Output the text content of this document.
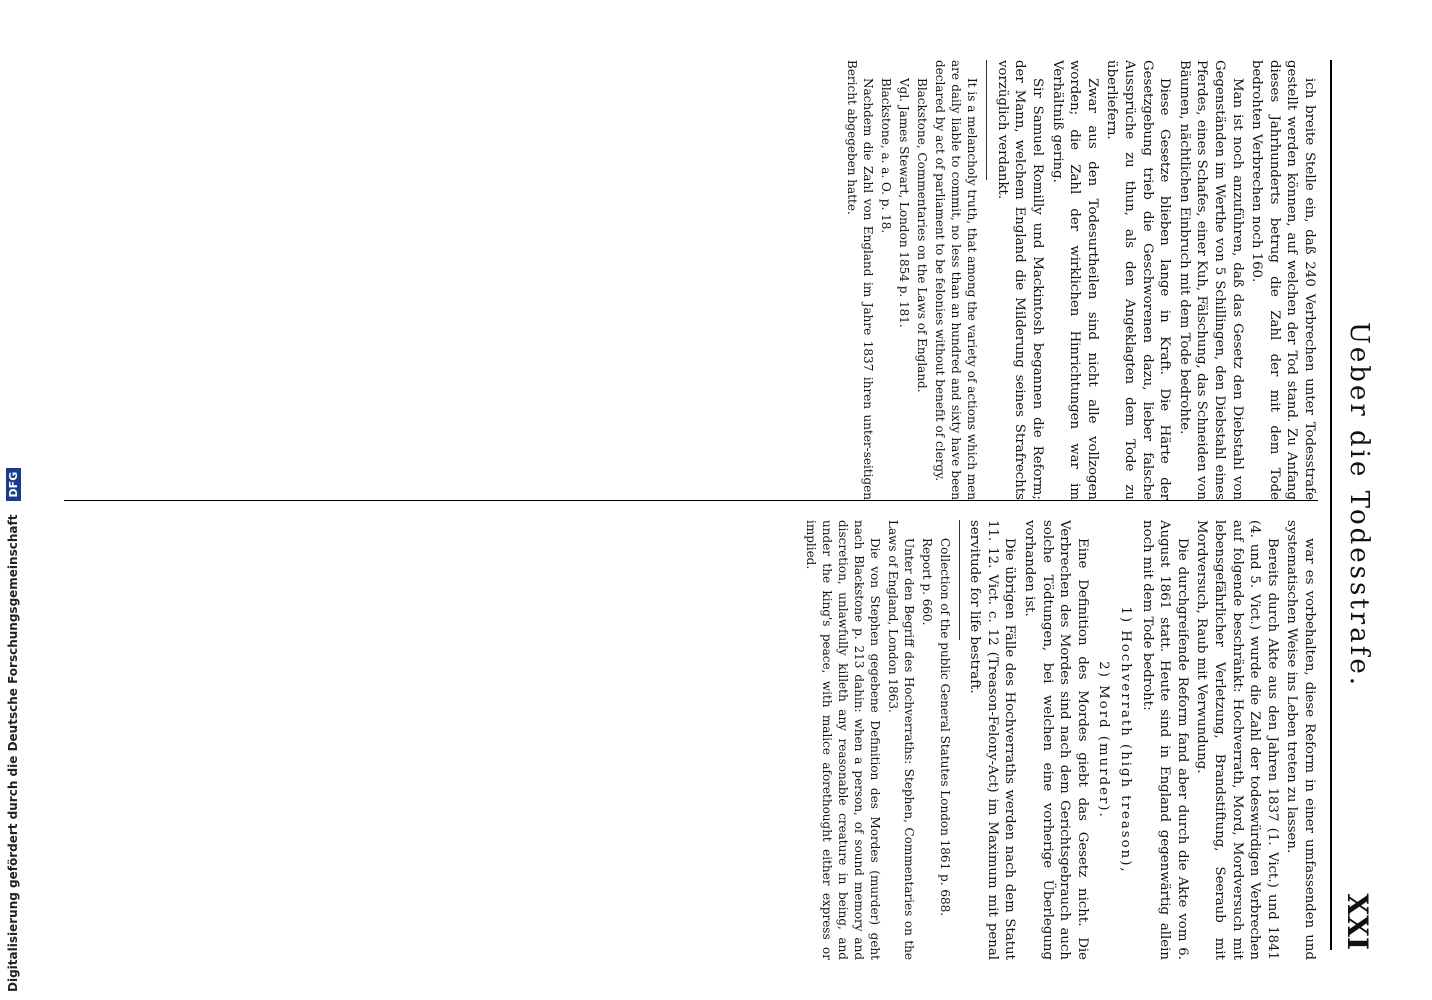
Ueber die Todesstrafe.
XXI

ich breite Stelle ein, daß 240 Verbrechen unter Todesstrafe gestellt werden können, auf welchen der Tod stand. Zu Anfang dieses Jahrhunderts betrug die Zahl der mit dem Tode bedrohten Verbrechen noch 160.

Man ist noch anzuführen, daß das Gesetz den Diebstahl von Gegenständen im Werthe von 5 Schillingen, den Diebstahl eines Pferdes, eines Schafes, einer Kuh, Fälschung, das Schneiden von Bäumen, nächtlichen Einbruch mit dem Tode bedrohte.

Diese Gesetze blieben lange in Kraft. Die Härte der Gesetzgebung trieb die Geschworenen dazu, lieber falsche Aussprüche zu thun, als den Angeklagten dem Tode zu überliefern.

Zwar aus den Todesurtheilen sind nicht alle vollzogen worden; die Zahl der wirklichen Hinrichtungen war im Verhältniß gering.

Sir Samuel Romilly und Mackintosh begannen die Reform; der Mann, welchem England die Milderung seines Strafrechts vorzüglich verdankt.

It is a melancholy truth, that among the variety of actions which men are daily liable to commit, no less than an hundred and sixty have been declared by act of parliament to be felonies without benefit of clergy.

Blackstone, Commentaries on the Laws of England.

Vgl. James Stewart, London 1854 p. 181.

Blackstone, a. a. O. p. 18.

Nachdem die Zahl von England im Jahre 1837 ihren unter-seitigen Bericht abgegeben hatte.

war es vorbehalten, diese Reform in einer umfassenden und systematischen Weise ins Leben treten zu lassen.

Bereits durch Akte aus den Jahren 1837 (1. Vict.) und 1841 (4. und 5. Vict.) wurde die Zahl der todeswürdigen Verbrechen auf folgende beschränkt: Hochverrath, Mord, Mordversuch mit lebensgefährlicher Verletzung, Brandstiftung, Seeraub mit Mordversuch, Raub mit Verwundung.

Die durchgreifende Reform fand aber durch die Akte vom 6. August 1861 statt. Heute sind in England gegenwärtig allein noch mit dem Tode bedroht:

1) Hochverrath (high treason),

2) Mord (murder).

Eine Definition des Mordes giebt das Gesetz nicht. Die Verbrechen des Mordes sind nach dem Gerichtsgebrauch auch solche Tödtungen, bei welchen eine vorherige Überlegung vorhanden ist.

Die übrigen Fälle des Hochverraths werden nach dem Statut 11. 12. Vict. c. 12 (Treason-Felony-Act) im Maximum mit penal servitude for life bestraft.

Collection of the public General Statutes London 1861 p. 688.

Report p. 660.

Unter den Begriff des Hochverraths: Stephen, Commentaries on the Laws of England, London 1863.

Die von Stephen gegebene Definition des Mordes (murder) geht nach Blackstone p. 213 dahin: when a person, of sound memory and discretion, unlawfully killeth any reasonable creature in being, and under the king's peace, with malice aforethought either express or implied.

Digitalisierung gefördert durch die Deutsche Forschungsgemeinschaft DFG
